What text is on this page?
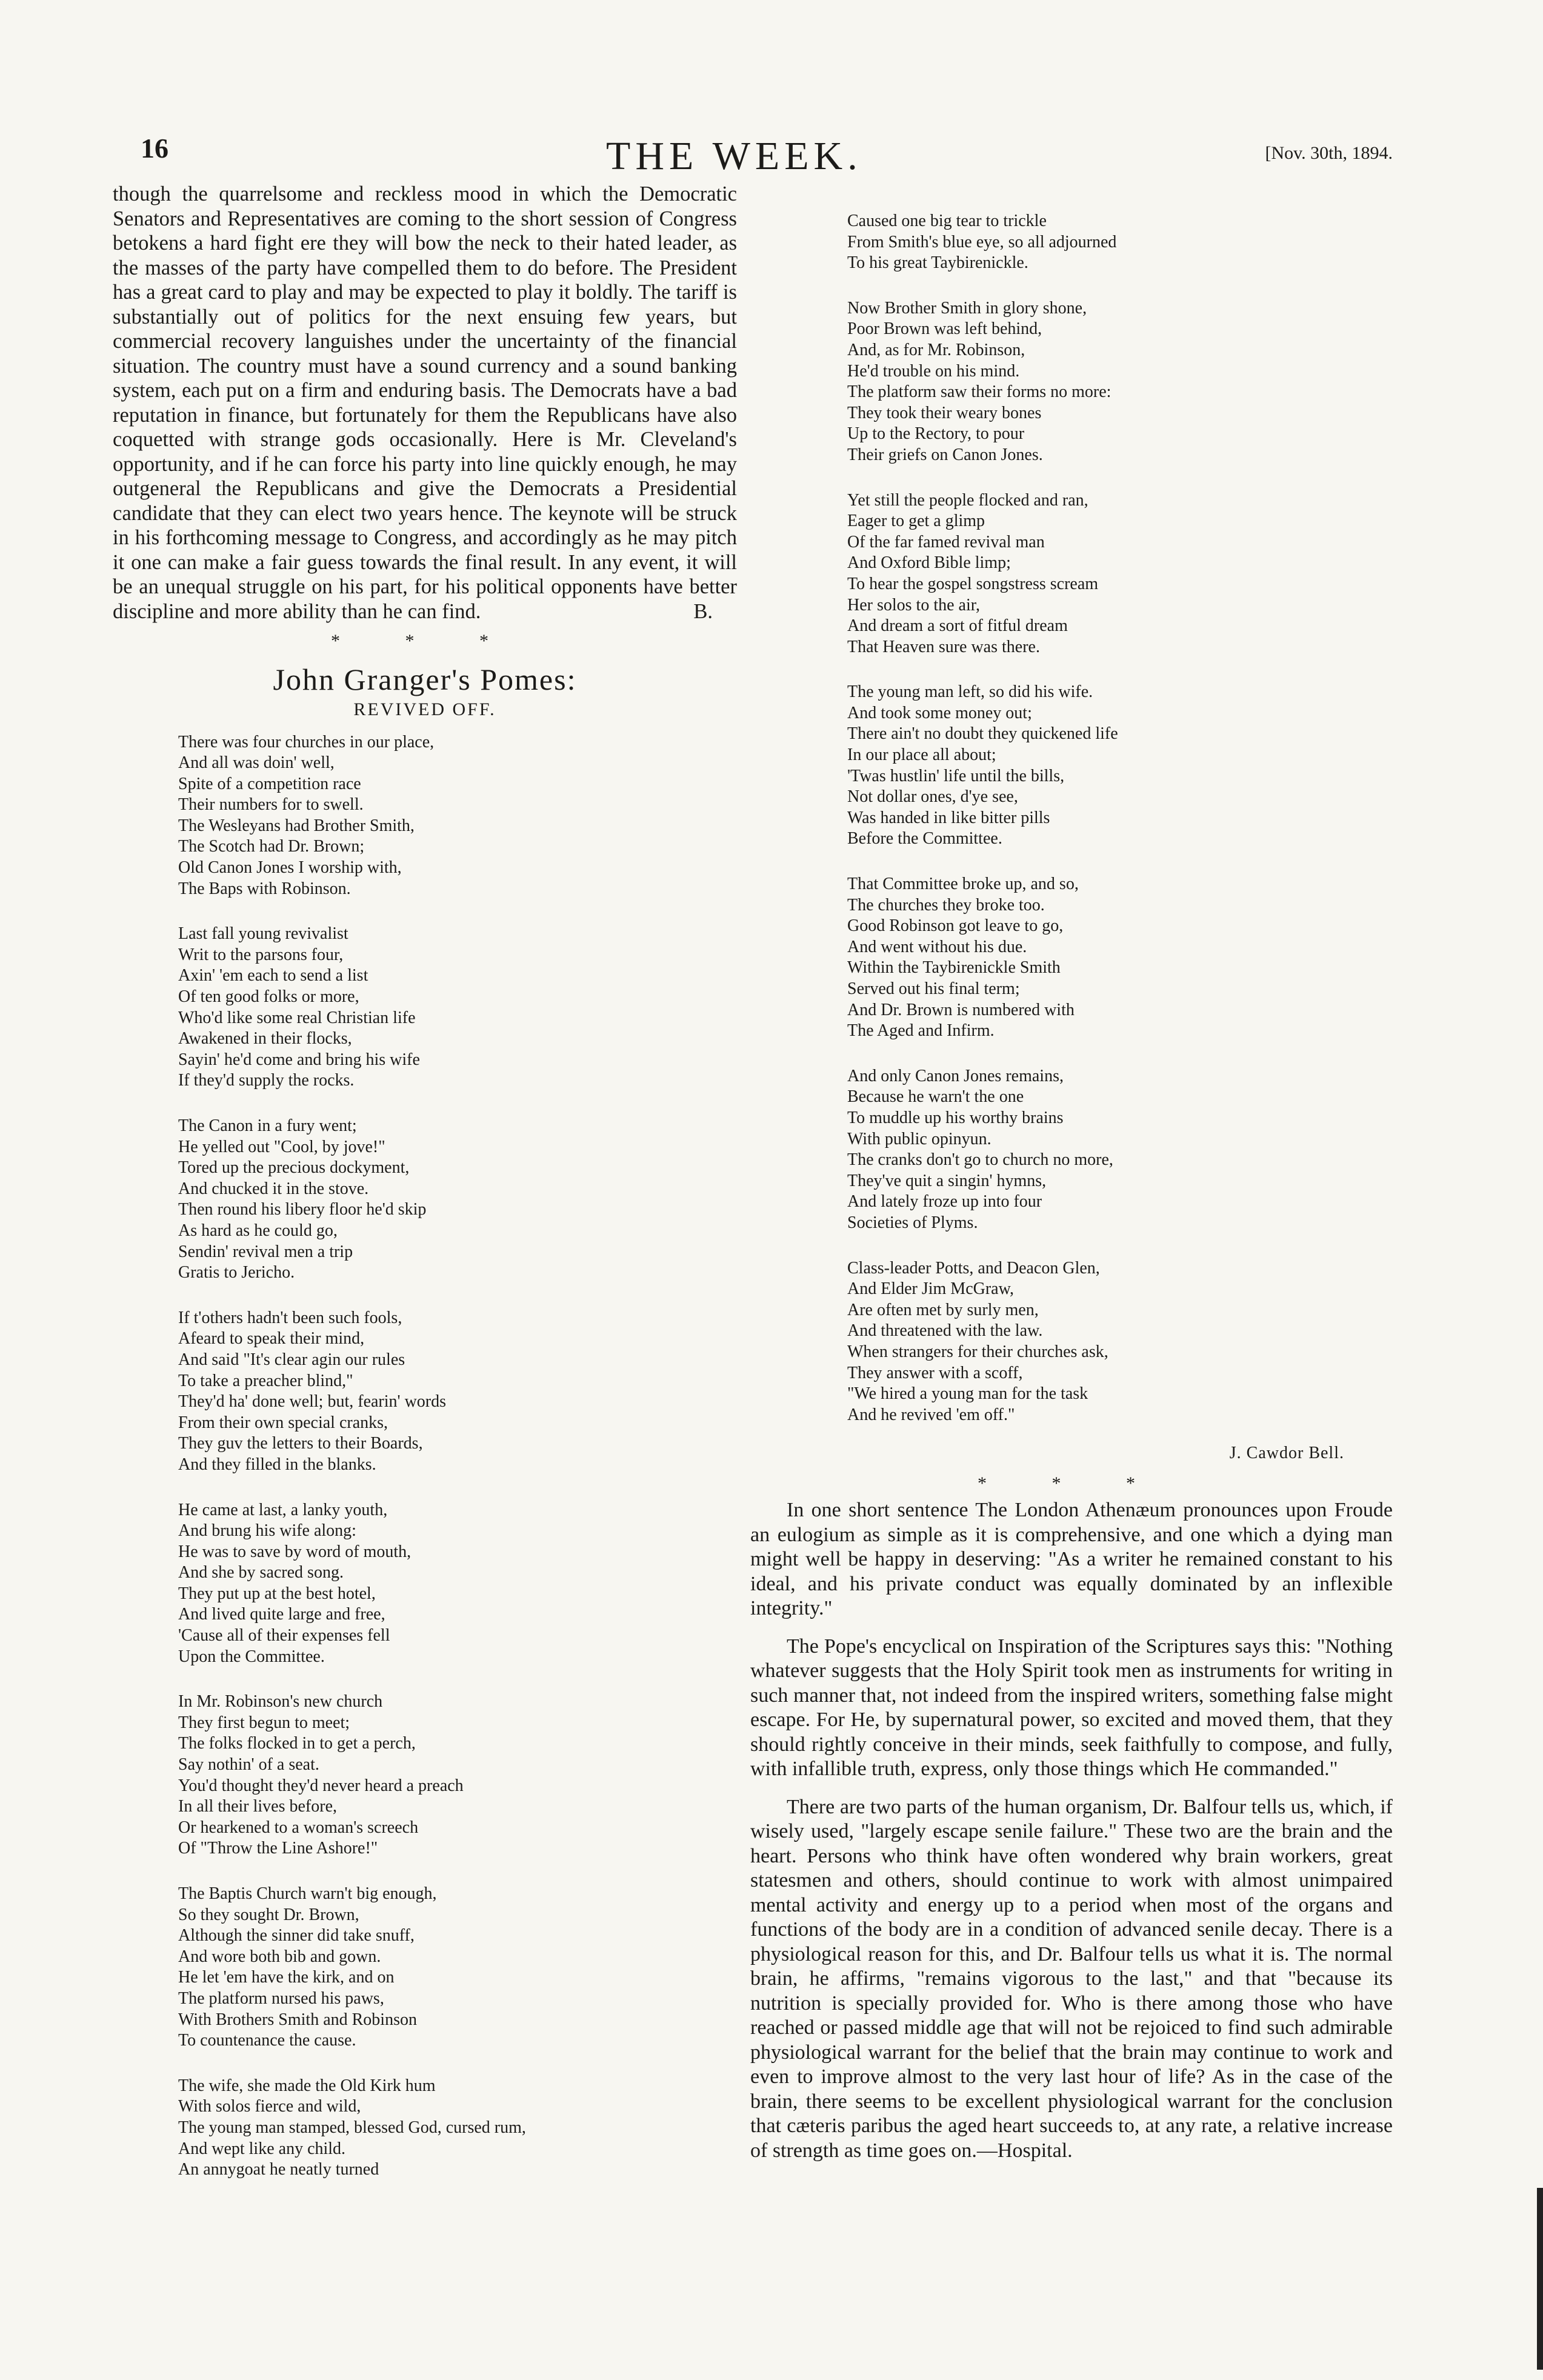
16	THE WEEK.	[Nov. 30th, 1894.

though the quarrelsome and reckless mood in which the Democratic Senators and Representatives are coming to the short session of Congress betokens a hard fight ere they will bow the neck to their hated leader, as the masses of the party have compelled them to do before. The President has a great card to play and may be expected to play it boldly. The tariff is substantially out of politics for the next ensuing few years, but commercial recovery languishes under the uncertainty of the financial situation. The country must have a sound currency and a sound banking system, each put on a firm and enduring basis. The Democrats have a bad reputation in finance, but fortunately for them the Republicans have also coquetted with strange gods occasionally. Here is Mr. Cleveland's opportunity, and if he can force his party into line quickly enough, he may outgeneral the Republicans and give the Democrats a Presidential candidate that they can elect two years hence. The keynote will be struck in his forthcoming message to Congress, and accordingly as he may pitch it one can make a fair guess towards the final result. In any event, it will be an unequal struggle on his part, for his political opponents have better discipline and more ability than he can find.	B.

* * *
John Granger's Pomes:
REVIVED OFF.
There was four churches in our place,
And all was doin' well,
Spite of a competition race
Their numbers for to swell.
The Wesleyans had Brother Smith,
The Scotch had Dr. Brown;
Old Canon Jones I worship with,
The Baps with Robinson.
Last fall young revivalist
Writ to the parsons four,
Axin' 'em each to send a list
Of ten good folks or more,
Who'd like some real Christian life
Awakened in their flocks,
Sayin' he'd come and bring his wife
If they'd supply the rocks.
The Canon in a fury went;
He yelled out "Cool, by jove!"
Tored up the precious dockyment,
And chucked it in the stove.
Then round his libery floor he'd skip
As hard as he could go,
Sendin' revival men a trip
Gratis to Jericho.
If t'others hadn't been such fools,
Afeard to speak their mind,
And said "It's clear agin our rules
To take a preacher blind,"
They'd ha' done well; but, fearin' words
From their own special cranks,
They guv the letters to their Boards,
And they filled in the blanks.
He came at last, a lanky youth,
And brung his wife along:
He was to save by word of mouth,
And she by sacred song.
They put up at the best hotel,
And lived quite large and free,
'Cause all of their expenses fell
Upon the Committee.
In Mr. Robinson's new church
They first begun to meet;
The folks flocked in to get a perch,
Say nothin' of a seat.
You'd thought they'd never heard a preach
In all their lives before,
Or hearkened to a woman's screech
Of "Throw the Line Ashore!"
The Baptis Church warn't big enough,
So they sought Dr. Brown,
Although the sinner did take snuff,
And wore both bib and gown.
He let 'em have the kirk, and on
The platform nursed his paws,
With Brothers Smith and Robinson
To countenance the cause.
The wife, she made the Old Kirk hum
With solos fierce and wild,
The young man stamped, blessed God, cursed rum,
And wept like any child.
An annygoat he neatly turned
Caused one big tear to trickle
From Smith's blue eye, so all adjourned
To his great Taybirenickle.
Now Brother Smith in glory shone,
Poor Brown was left behind,
And, as for Mr. Robinson,
He'd trouble on his mind.
The platform saw their forms no more:
They took their weary bones
Up to the Rectory, to pour
Their griefs on Canon Jones.
Yet still the people flocked and ran,
Eager to get a glimp
Of the far famed revival man
And Oxford Bible limp;
To hear the gospel songstress scream
Her solos to the air,
And dream a sort of fitful dream
That Heaven sure was there.
The young man left, so did his wife.
And took some money out;
There ain't no doubt they quickened life
In our place all about;
'Twas hustlin' life until the bills,
Not dollar ones, d'ye see,
Was handed in like bitter pills
Before the Committee.
That Committee broke up, and so,
The churches they broke too.
Good Robinson got leave to go,
And went without his due.
Within the Taybirenickle Smith
Served out his final term;
And Dr. Brown is numbered with
The Aged and Infirm.
And only Canon Jones remains,
Because he warn't the one
To muddle up his worthy brains
With public opinyun.
The cranks don't go to church no more,
They've quit a singin' hymns,
And lately froze up into four
Societies of Plyms.
Class-leader Potts, and Deacon Glen,
And Elder Jim McGraw,
Are often met by surly men,
And threatened with the law.
When strangers for their churches ask,
They answer with a scoff,
"We hired a young man for the task
And he revived 'em off."
J. Cawdor Bell.
* * *

In one short sentence The London Athenæum pronounces upon Froude an eulogium as simple as it is comprehensive, and one which a dying man might well be happy in deserving: "As a writer he remained constant to his ideal, and his private conduct was equally dominated by an inflexible integrity."

The Pope's encyclical on Inspiration of the Scriptures says this: "Nothing whatever suggests that the Holy Spirit took men as instruments for writing in such manner that, not indeed from the inspired writers, something false might escape. For He, by supernatural power, so excited and moved them, that they should rightly conceive in their minds, seek faithfully to compose, and fully, with infallible truth, express, only those things which He commanded."

There are two parts of the human organism, Dr. Balfour tells us, which, if wisely used, "largely escape senile failure." These two are the brain and the heart. Persons who think have often wondered why brain workers, great statesmen and others, should continue to work with almost unimpaired mental activity and energy up to a period when most of the organs and functions of the body are in a condition of advanced senile decay. There is a physiological reason for this, and Dr. Balfour tells us what it is. The normal brain, he affirms, "remains vigorous to the last," and that "because its nutrition is specially provided for. Who is there among those who have reached or passed middle age that will not be rejoiced to find such admirable physiological warrant for the belief that the brain may continue to work and even to improve almost to the very last hour of life? As in the case of the brain, there seems to be excellent physiological warrant for the conclusion that cæteris paribus the aged heart succeeds to, at any rate, a relative increase of strength as time goes on.—Hospital.
